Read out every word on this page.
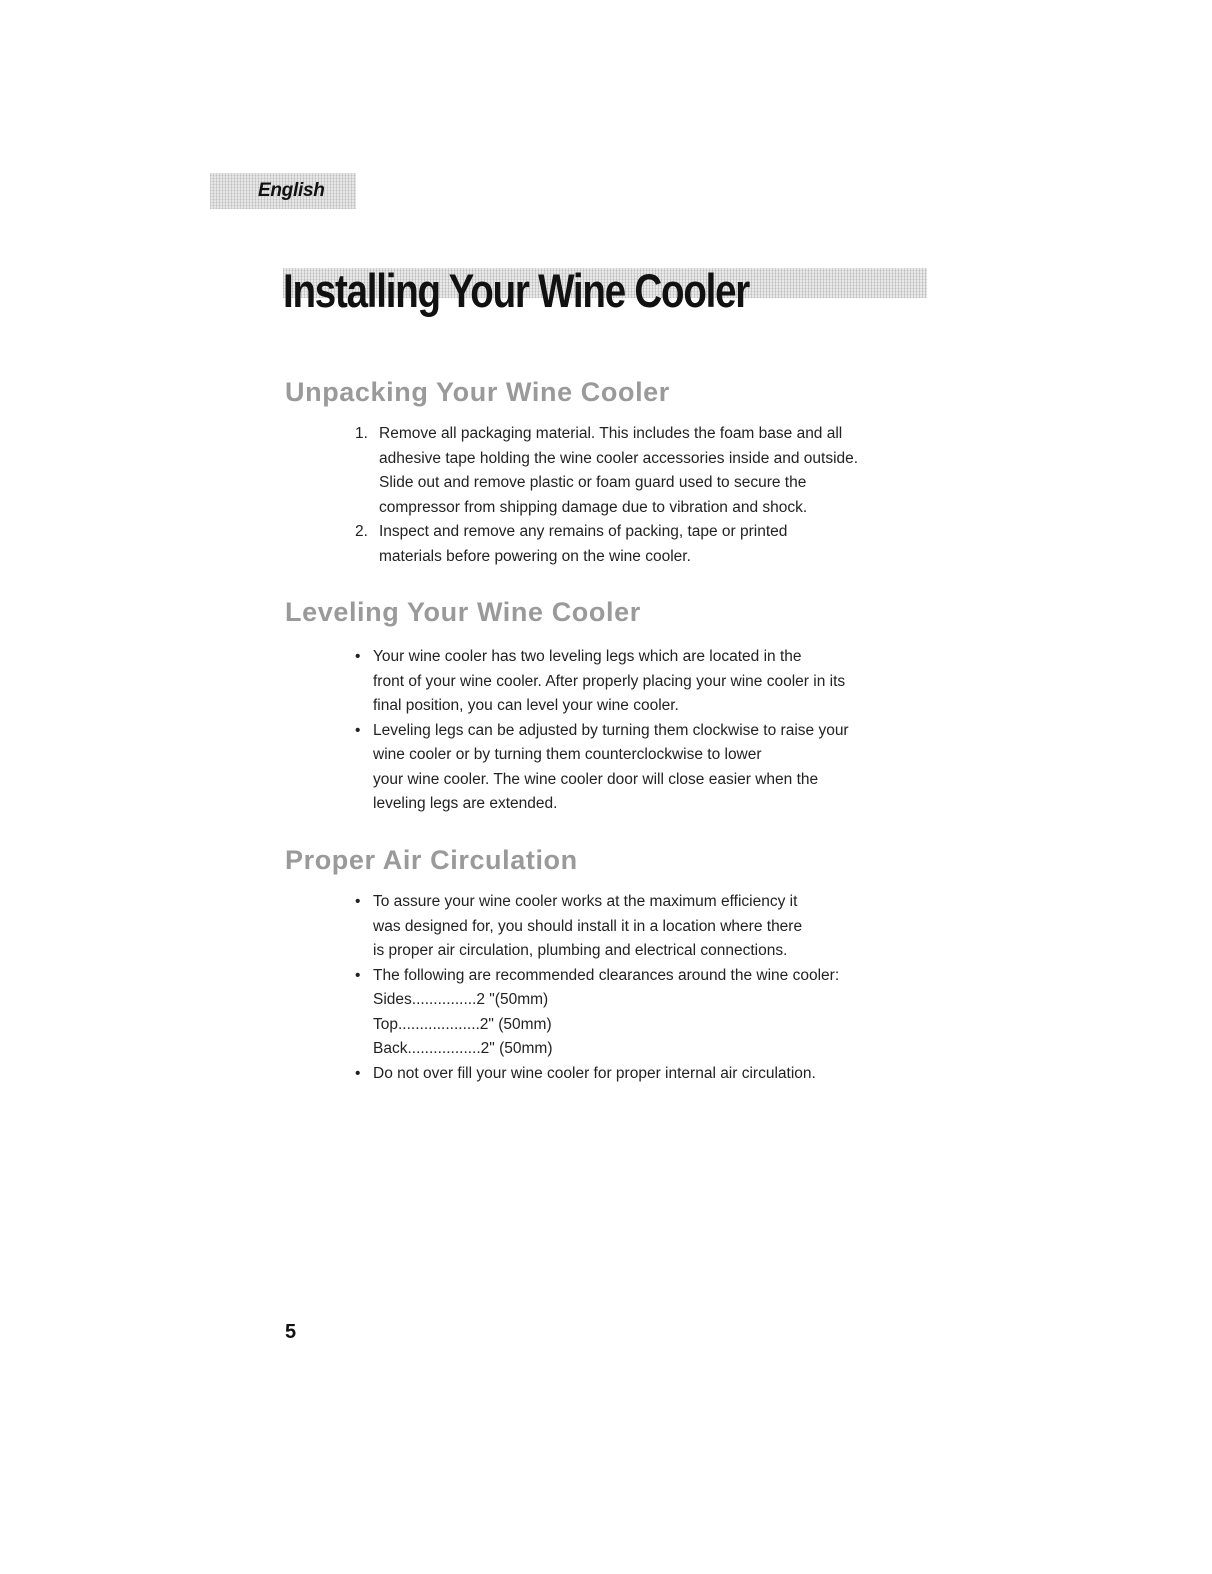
English
Installing Your Wine Cooler
Unpacking Your Wine Cooler
1. Remove all packaging material. This includes the foam base and all
adhesive tape holding the wine cooler accessories inside and outside.
Slide out and remove plastic or foam guard used to secure the
compressor from shipping damage due to vibration and shock.
2. Inspect and remove any remains of packing, tape or printed
materials before powering on the wine cooler.
Leveling Your Wine Cooler
• Your wine cooler has two leveling legs which are located in the
front of your wine cooler. After properly placing your wine cooler in its
final position, you can level your wine cooler.
• Leveling legs can be adjusted by turning them clockwise to raise your
wine cooler or by turning them counterclockwise to lower
your wine cooler. The wine cooler door will close easier when the
leveling legs are extended.
Proper Air Circulation
• To assure your wine cooler works at the maximum efficiency it
was designed for, you should install it in a location where there
is proper air circulation, plumbing and electrical connections.
• The following are recommended clearances around the wine cooler:
Sides...............2 "(50mm)
Top...................2" (50mm)
Back.................2" (50mm)
• Do not over fill your wine cooler for proper internal air circulation.
5
